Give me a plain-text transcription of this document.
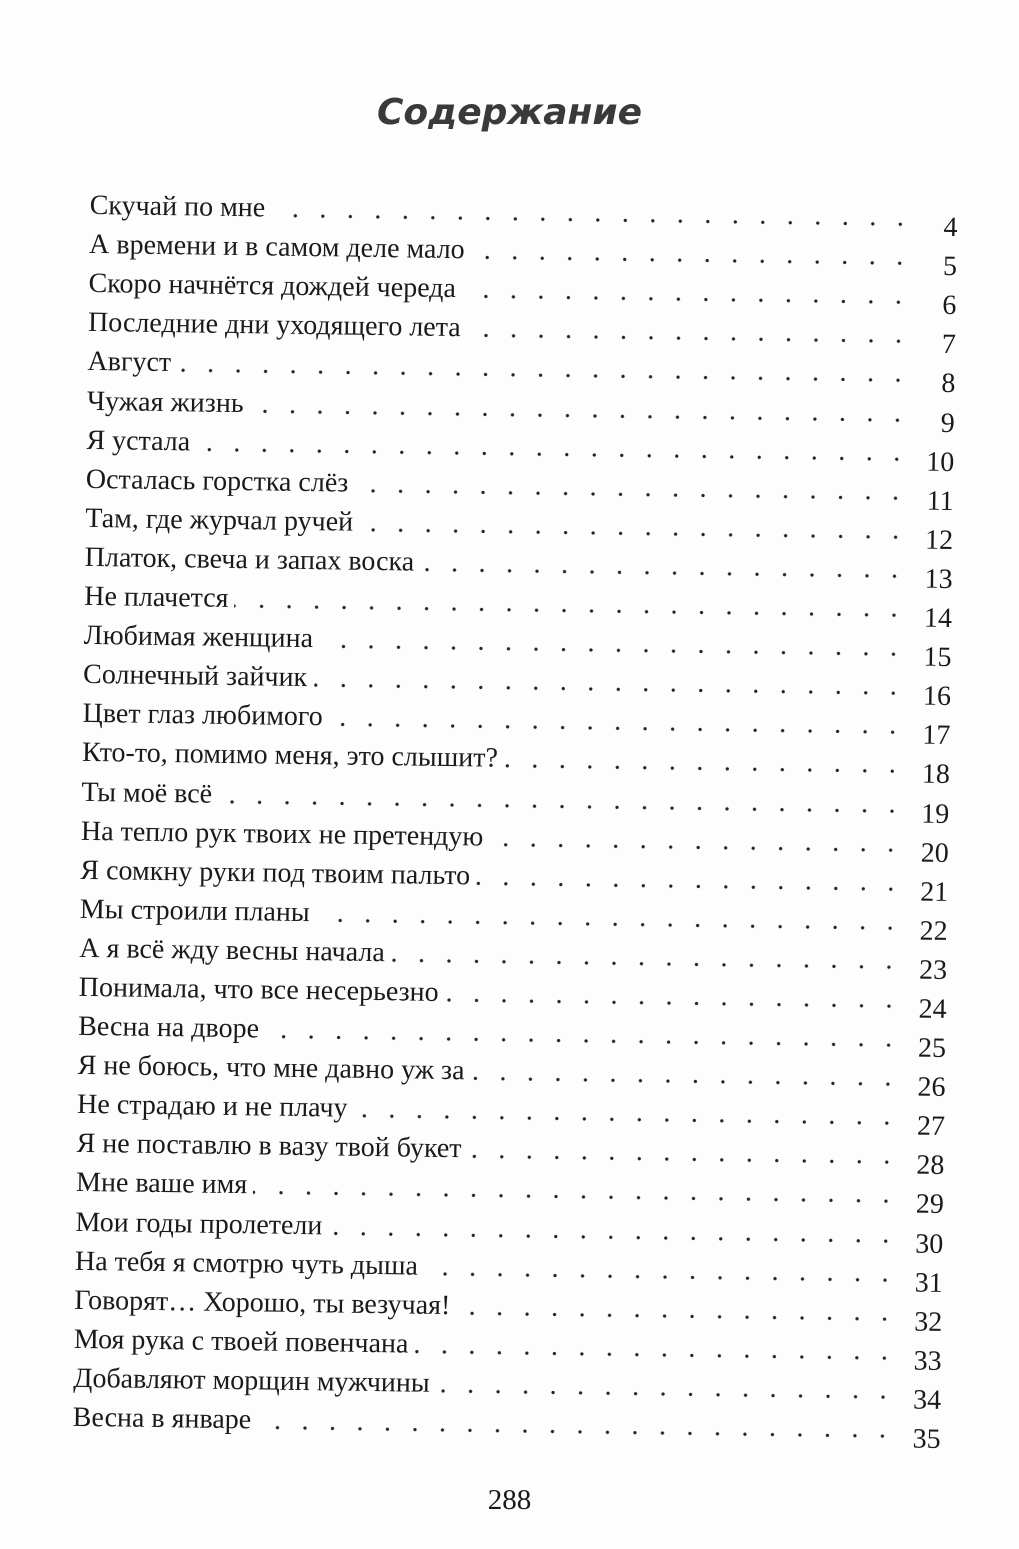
Содержание
Скучай по мне
4
А времени и в самом деле мало
5
Скоро начнётся дождей череда
6
Последние дни уходящего лета
7
Август
8
Чужая жизнь
9
Я устала
10
Осталась горстка слёз
11
Там, где журчал ручей
12
Платок, свеча и запах воска
13
Не плачется
14
Любимая женщина
15
Солнечный зайчик
16
Цвет глаз любимого
17
Кто-то, помимо меня, это слышит?
18
Ты моё всё
19
На тепло рук твоих не претендую
20
Я сомкну руки под твоим пальто
21
Мы строили планы
22
А я всё жду весны начала
23
Понимала, что все несерьезно
24
Весна на дворе
25
Я не боюсь, что мне давно уж за
26
Не страдаю и не плачу
27
Я не поставлю в вазу твой букет
28
Мне ваше имя
29
Мои годы пролетели
30
На тебя я смотрю чуть дыша
31
Говорят… Хорошо, ты везучая!
32
Моя рука с твоей повенчана
33
Добавляют морщин мужчины
34
Весна в январе
35
288
